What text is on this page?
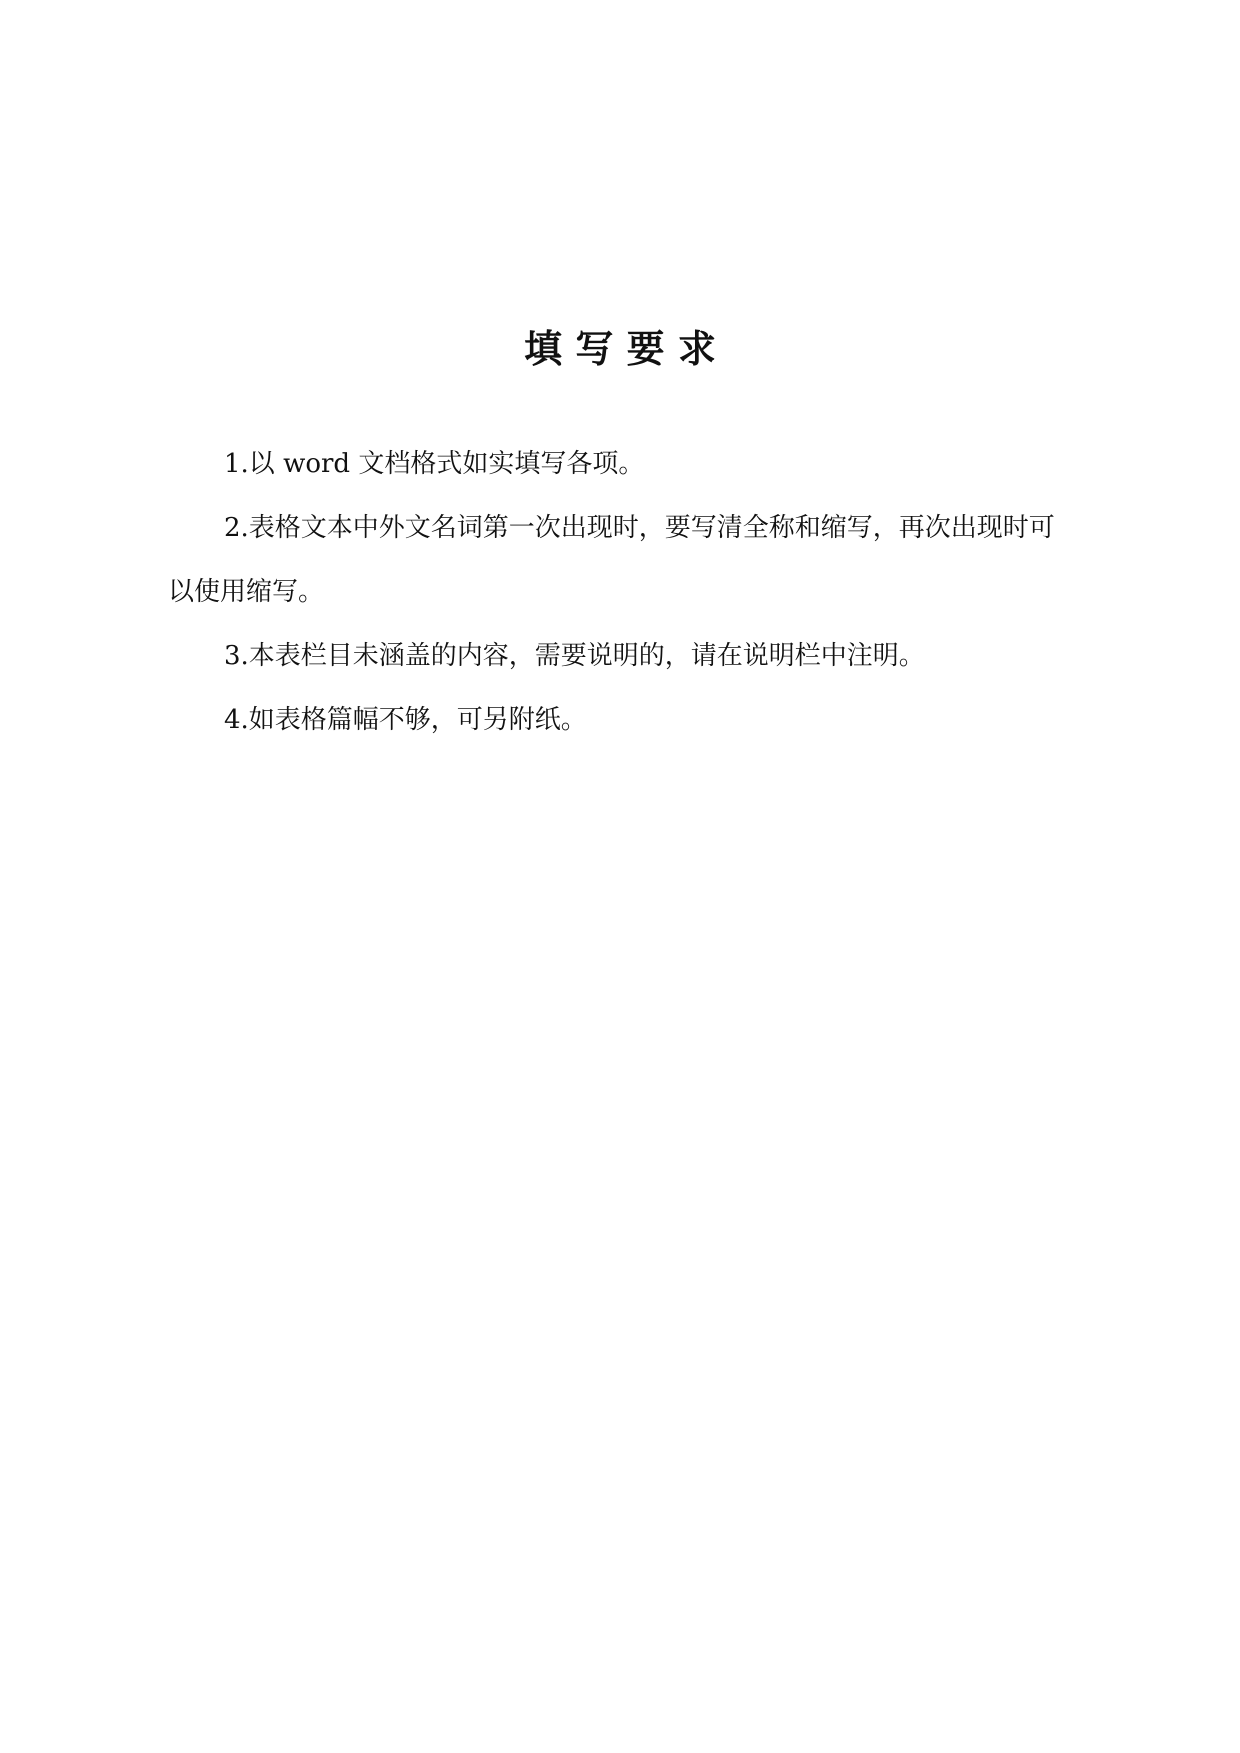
填 写 要 求

1.以 word 文档格式如实填写各项。

2.表格文本中外文名词第一次出现时，要写清全称和缩写，再次出现时可以使用缩写。

3.本表栏目未涵盖的内容，需要说明的，请在说明栏中注明。

4.如表格篇幅不够，可另附纸。
